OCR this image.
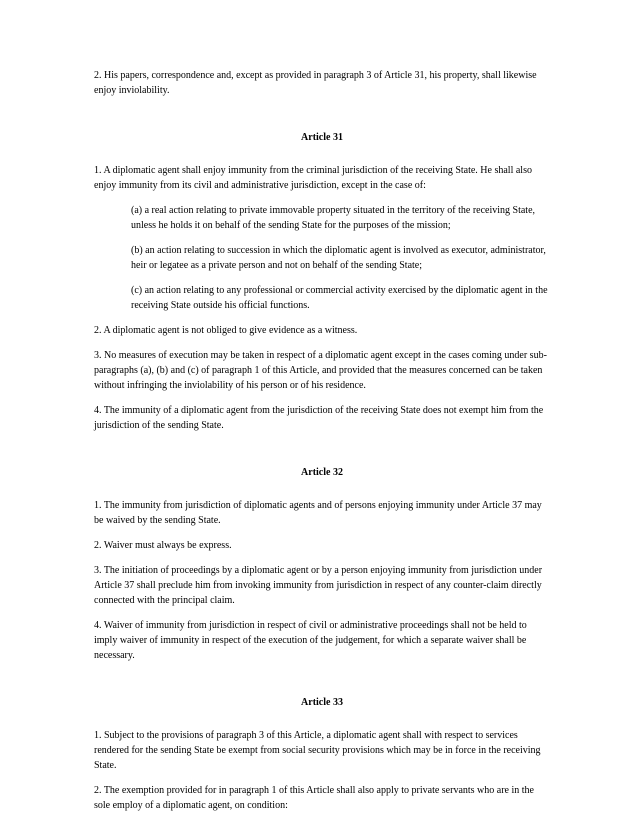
2. His papers, correspondence and, except as provided in paragraph 3 of Article 31, his property, shall likewise enjoy inviolability.

Article 31

1. A diplomatic agent shall enjoy immunity from the criminal jurisdiction of the receiving State. He shall also enjoy immunity from its civil and administrative jurisdiction, except in the case of:

(a) a real action relating to private immovable property situated in the territory of the receiving State, unless he holds it on behalf of the sending State for the purposes of the mission;

(b) an action relating to succession in which the diplomatic agent is involved as executor, administrator, heir or legatee as a private person and not on behalf of the sending State;

(c) an action relating to any professional or commercial activity exercised by the diplomatic agent in the receiving State outside his official functions.

2. A diplomatic agent is not obliged to give evidence as a witness.

3. No measures of execution may be taken in respect of a diplomatic agent except in the cases coming under sub-paragraphs (a), (b) and (c) of paragraph 1 of this Article, and provided that the measures concerned can be taken without infringing the inviolability of his person or of his residence.

4. The immunity of a diplomatic agent from the jurisdiction of the receiving State does not exempt him from the jurisdiction of the sending State.

Article 32

1. The immunity from jurisdiction of diplomatic agents and of persons enjoying immunity under Article 37 may be waived by the sending State.

2. Waiver must always be express.

3. The initiation of proceedings by a diplomatic agent or by a person enjoying immunity from jurisdiction under Article 37 shall preclude him from invoking immunity from jurisdiction in respect of any counter-claim directly connected with the principal claim.

4. Waiver of immunity from jurisdiction in respect of civil or administrative proceedings shall not be held to imply waiver of immunity in respect of the execution of the judgement, for which a separate waiver shall be necessary.

Article 33

1. Subject to the provisions of paragraph 3 of this Article, a diplomatic agent shall with respect to services rendered for the sending State be exempt from social security provisions which may be in force in the receiving State.

2. The exemption provided for in paragraph 1 of this Article shall also apply to private servants who are in the sole employ of a diplomatic agent, on condition:
